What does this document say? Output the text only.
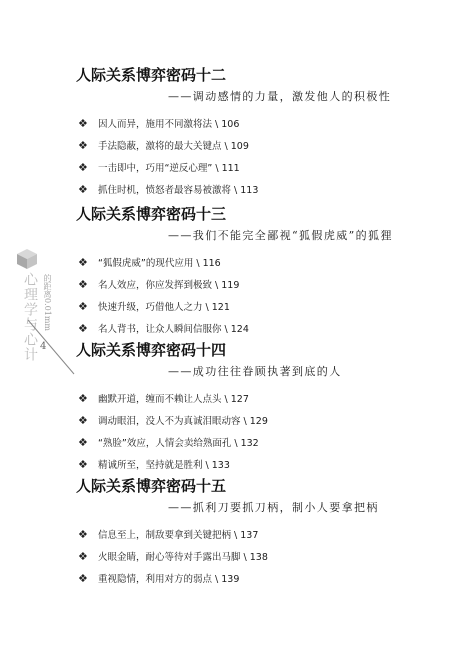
心理学与心计 的距离0.01mm
4
人际关系博弈密码十二
——调动感情的力量，激发他人的积极性
❖	因人而异，施用不同激将法 \ 106
❖	手法隐蔽，激将的最大关键点 \ 109
❖	一击即中，巧用“逆反心理” \ 111
❖	抓住时机，愤怒者最容易被激将 \ 113
人际关系博弈密码十三
——我们不能完全鄙视“狐假虎威”的狐狸
❖	“狐假虎威”的现代应用 \ 116
❖	名人效应，你应发挥到极致 \ 119
❖	快速升级，巧借他人之力 \ 121
❖	名人背书，让众人瞬间信服你 \ 124
人际关系博弈密码十四
——成功往往眷顾执著到底的人
❖	幽默开道，缠而不赖让人点头 \ 127
❖	调动眼泪，没人不为真诚泪眼动容 \ 129
❖	“熟脸”效应，人情会卖给熟面孔 \ 132
❖	精诚所至，坚持就是胜利 \ 133
人际关系博弈密码十五
——抓利刀要抓刀柄，制小人要拿把柄
❖	信息至上，制敌要拿到关键把柄 \ 137
❖	火眼金睛，耐心等待对手露出马脚 \ 138
❖	重视隐情，利用对方的弱点 \ 139
